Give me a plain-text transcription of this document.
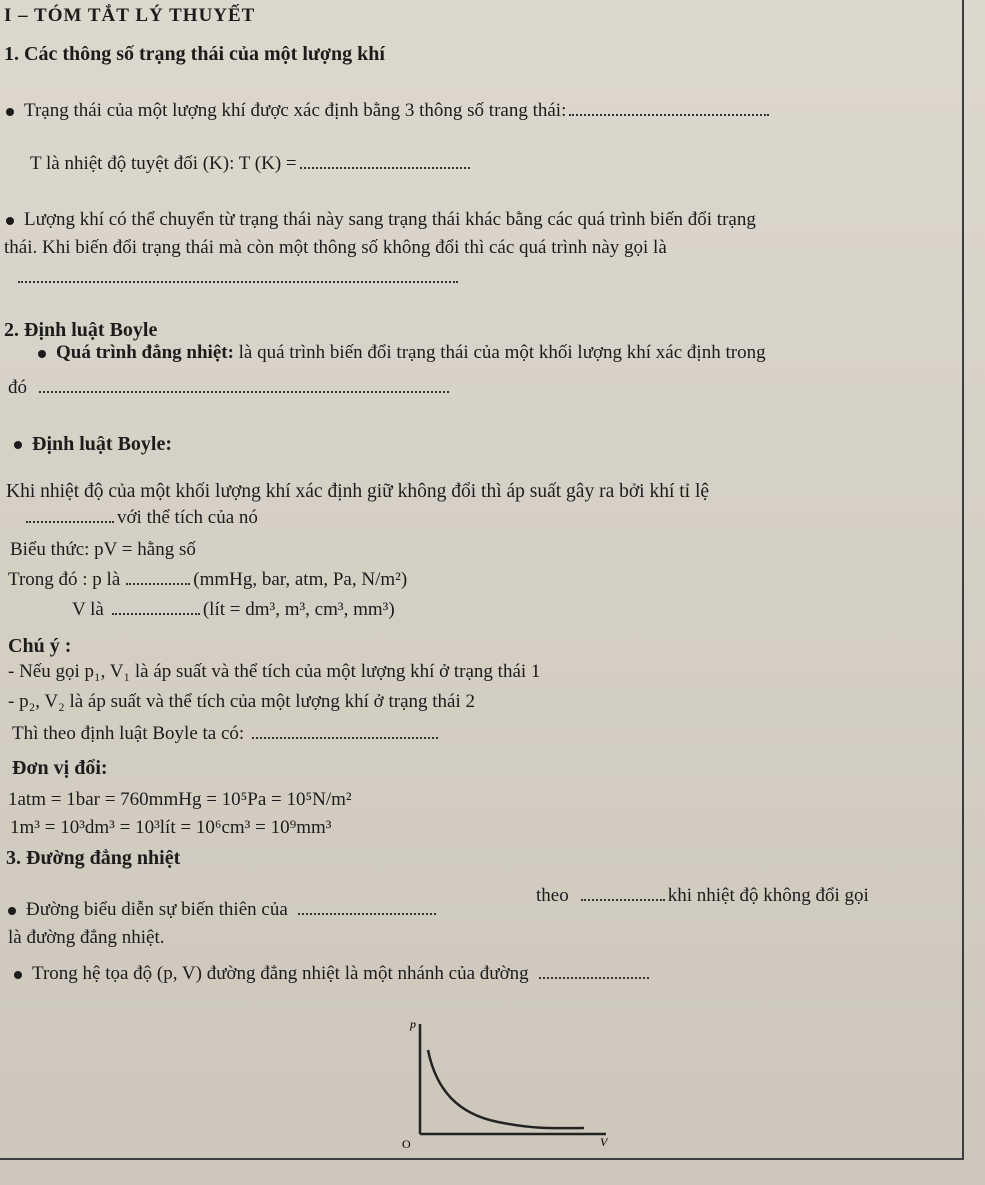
I – TÓM TẮT LÝ THUYẾT
1. Các thông số trạng thái của một lượng khí
Trạng thái của một lượng khí được xác định bằng 3 thông số trang thái:
T là nhiệt độ tuyệt đối (K): T (K) =
Lượng khí có thể chuyển từ trạng thái này sang trạng thái khác bằng các quá trình biến đổi trạng
thái. Khi biến đổi trạng thái mà còn một thông số không đổi thì các quá trình này gọi là
2. Định luật Boyle
Quá trình đẳng nhiệt: là quá trình biến đổi trạng thái của một khối lượng khí xác định trong
đó
Định luật Boyle:
Khi nhiệt độ của một khối lượng khí xác định giữ không đổi thì áp suất gây ra bởi khí tỉ lệ
với thể tích của nó
Biểu thức: pV = hằng số
Trong đó : p là	(mmHg, bar, atm, Pa, N/m²)
V là	(lít = dm³, m³, cm³, mm³)
Chú ý :
- Nếu gọi p₁, V₁ là áp suất và thể tích của một lượng khí ở trạng thái 1
- p₂, V₂ là áp suất và thể tích của một lượng khí ở trạng thái 2
Thì theo định luật Boyle ta có:
Đơn vị đổi:
1atm = 1bar = 760mmHg = 10⁵Pa = 10⁵N/m²
1m³ = 10³dm³ = 10³lít = 10⁶cm³ = 10⁹mm³
3. Đường đẳng nhiệt
Đường biểu diễn sự biến thiên của
theo	khi nhiệt độ không đổi gọi
là đường đẳng nhiệt.
Trong hệ tọa độ (p, V) đường đẳng nhiệt là một nhánh của đường
p
V
O
